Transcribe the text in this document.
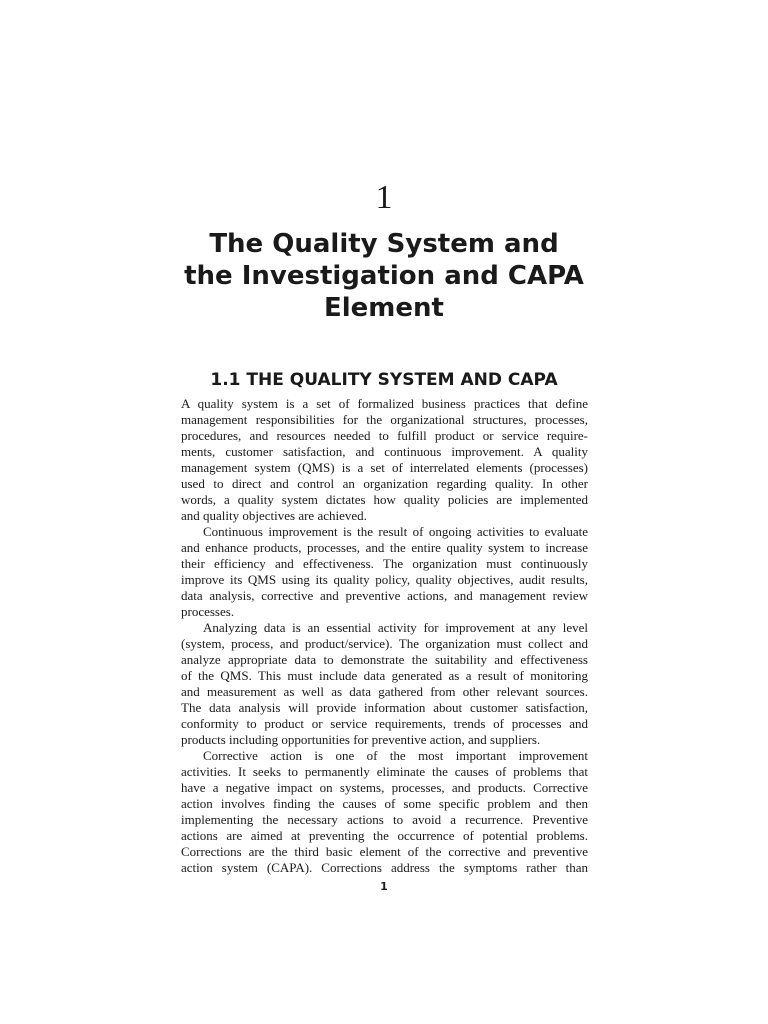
1
The Quality System and
the Investigation and CAPA
Element
1.1 THE QUALITY SYSTEM AND CAPA
A quality system is a set of formalized business practices that define
management responsibilities for the organizational structures, processes,
procedures, and resources needed to fulfill product or service require-
ments, customer satisfaction, and continuous improvement. A quality
management system (QMS) is a set of interrelated elements (processes)
used to direct and control an organization regarding quality. In other
words, a quality system dictates how quality policies are implemented
and quality objectives are achieved.
Continuous improvement is the result of ongoing activities to evaluate
and enhance products, processes, and the entire quality system to increase
their efficiency and effectiveness. The organization must continuously
improve its QMS using its quality policy, quality objectives, audit results,
data analysis, corrective and preventive actions, and management review
processes.
Analyzing data is an essential activity for improvement at any level
(system, process, and product/service). The organization must collect and
analyze appropriate data to demonstrate the suitability and effectiveness
of the QMS. This must include data generated as a result of monitoring
and measurement as well as data gathered from other relevant sources.
The data analysis will provide information about customer satisfaction,
conformity to product or service requirements, trends of processes and
products including opportunities for preventive action, and suppliers.
Corrective action is one of the most important improvement
activities. It seeks to permanently eliminate the causes of problems that
have a negative impact on systems, processes, and products. Corrective
action involves finding the causes of some specific problem and then
implementing the necessary actions to avoid a recurrence. Preventive
actions are aimed at preventing the occurrence of potential problems.
Corrections are the third basic element of the corrective and preventive
action system (CAPA). Corrections address the symptoms rather than
1
